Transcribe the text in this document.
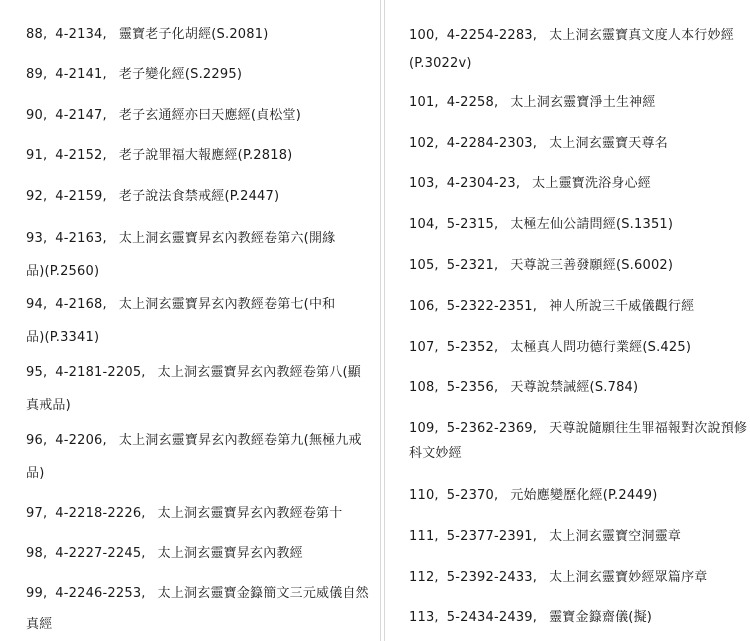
88, 4-2134, 靈寶老子化胡經(S.2081)
89, 4-2141, 老子變化經(S.2295)
90, 4-2147, 老子玄通經亦曰天應經(貞松堂)
91, 4-2152, 老子說罪福大報應經(P.2818)
92, 4-2159, 老子說法食禁戒經(P.2447)
93, 4-2163, 太上洞玄靈寶昇玄內教經卷第六(開緣
品)(P.2560)
94, 4-2168, 太上洞玄靈寶昇玄內教經卷第七(中和
品)(P.3341)
95, 4-2181-2205, 太上洞玄靈寶昇玄內教經卷第八(顯
真戒品)
96, 4-2206, 太上洞玄靈寶昇玄內教經卷第九(無極九戒
品)
97, 4-2218-2226, 太上洞玄靈寶昇玄內教經卷第十
98, 4-2227-2245, 太上洞玄靈寶昇玄內教經
99, 4-2246-2253, 太上洞玄靈寶金籙簡文三元威儀自然
真經
100, 4-2254-2283, 太上洞玄靈寶真文度人本行妙經
(P.3022v)
101, 4-2258, 太上洞玄靈寶淨土生神經
102, 4-2284-2303, 太上洞玄靈寶天尊名
103, 4-2304-23, 太上靈寶洗浴身心經
104, 5-2315, 太極左仙公請問經(S.1351)
105, 5-2321, 天尊說三善發願經(S.6002)
106, 5-2322-2351, 神人所說三千威儀觀行經
107, 5-2352, 太極真人問功德行業經(S.425)
108, 5-2356, 天尊說禁誡經(S.784)
109, 5-2362-2369, 天尊說隨願往生罪福報對次說預修
科文妙經
110, 5-2370, 元始應變歷化經(P.2449)
111, 5-2377-2391, 太上洞玄靈寶空洞靈章
112, 5-2392-2433, 太上洞玄靈寶妙經眾篇序章
113, 5-2434-2439, 靈寶金籙齋儀(擬)
